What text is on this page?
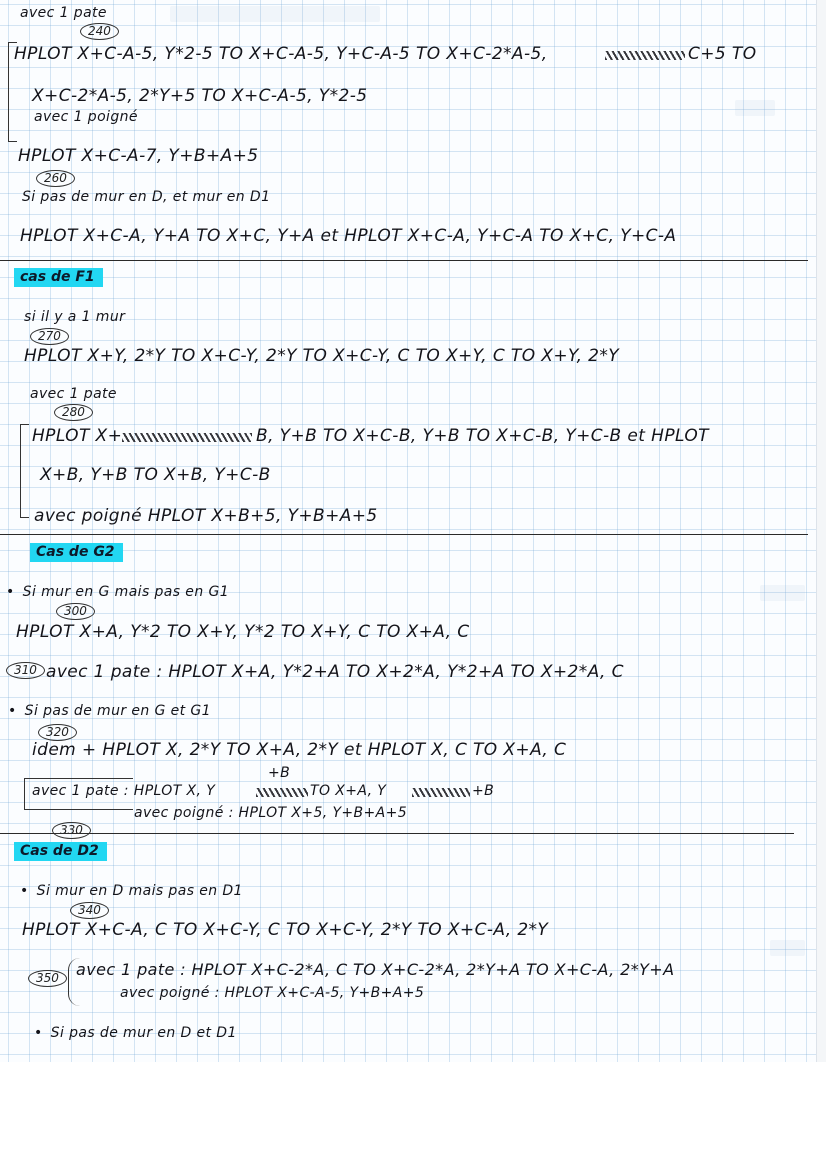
avec 1 pate
240
HPLOT X+C-A-5, Y*2-5 TO X+C-A-5, Y+C-A-5 TO X+C-2*A-5,	C+5 TO
X+C-2*A-5, 2*Y+5 TO X+C-A-5, Y*2-5
avec 1 poigné
HPLOT X+C-A-7, Y+B+A+5
260
Si pas de mur en D, et mur en D1
HPLOT X+C-A, Y+A TO X+C, Y+A et HPLOT X+C-A, Y+C-A TO X+C, Y+C-A
cas de F1
si il y a 1 mur
270
HPLOT X+Y, 2*Y TO X+C-Y, 2*Y TO X+C-Y, C TO X+Y, C TO X+Y, 2*Y
avec 1 pate
280
HPLOT X+	B, Y+B TO X+C-B, Y+B TO X+C-B, Y+C-B et HPLOT
X+B, Y+B TO X+B, Y+C-B
avec poigné HPLOT X+B+5, Y+B+A+5
Cas de G2
• Si mur en G mais pas en G1
300
HPLOT X+A, Y*2 TO X+Y, Y*2 TO X+Y, C TO X+A, C
310 avec 1 pate : HPLOT X+A, Y*2+A TO X+2*A, Y*2+A TO X+2*A, C
• Si pas de mur en G et G1
320
idem + HPLOT X, 2*Y TO X+A, 2*Y et HPLOT X, C TO X+A, C
+B
avec 1 pate : HPLOT X, Y	TO X+A, Y	+B
avec poigné : HPLOT X+5, Y+B+A+5
330
Cas de D2
• Si mur en D mais pas en D1
340
HPLOT X+C-A, C TO X+C-Y, C TO X+C-Y, 2*Y TO X+C-A, 2*Y
350	avec 1 pate : HPLOT X+C-2*A, C TO X+C-2*A, 2*Y+A TO X+C-A, 2*Y+A
avec poigné : HPLOT X+C-A-5, Y+B+A+5
• Si pas de mur en D et D1
